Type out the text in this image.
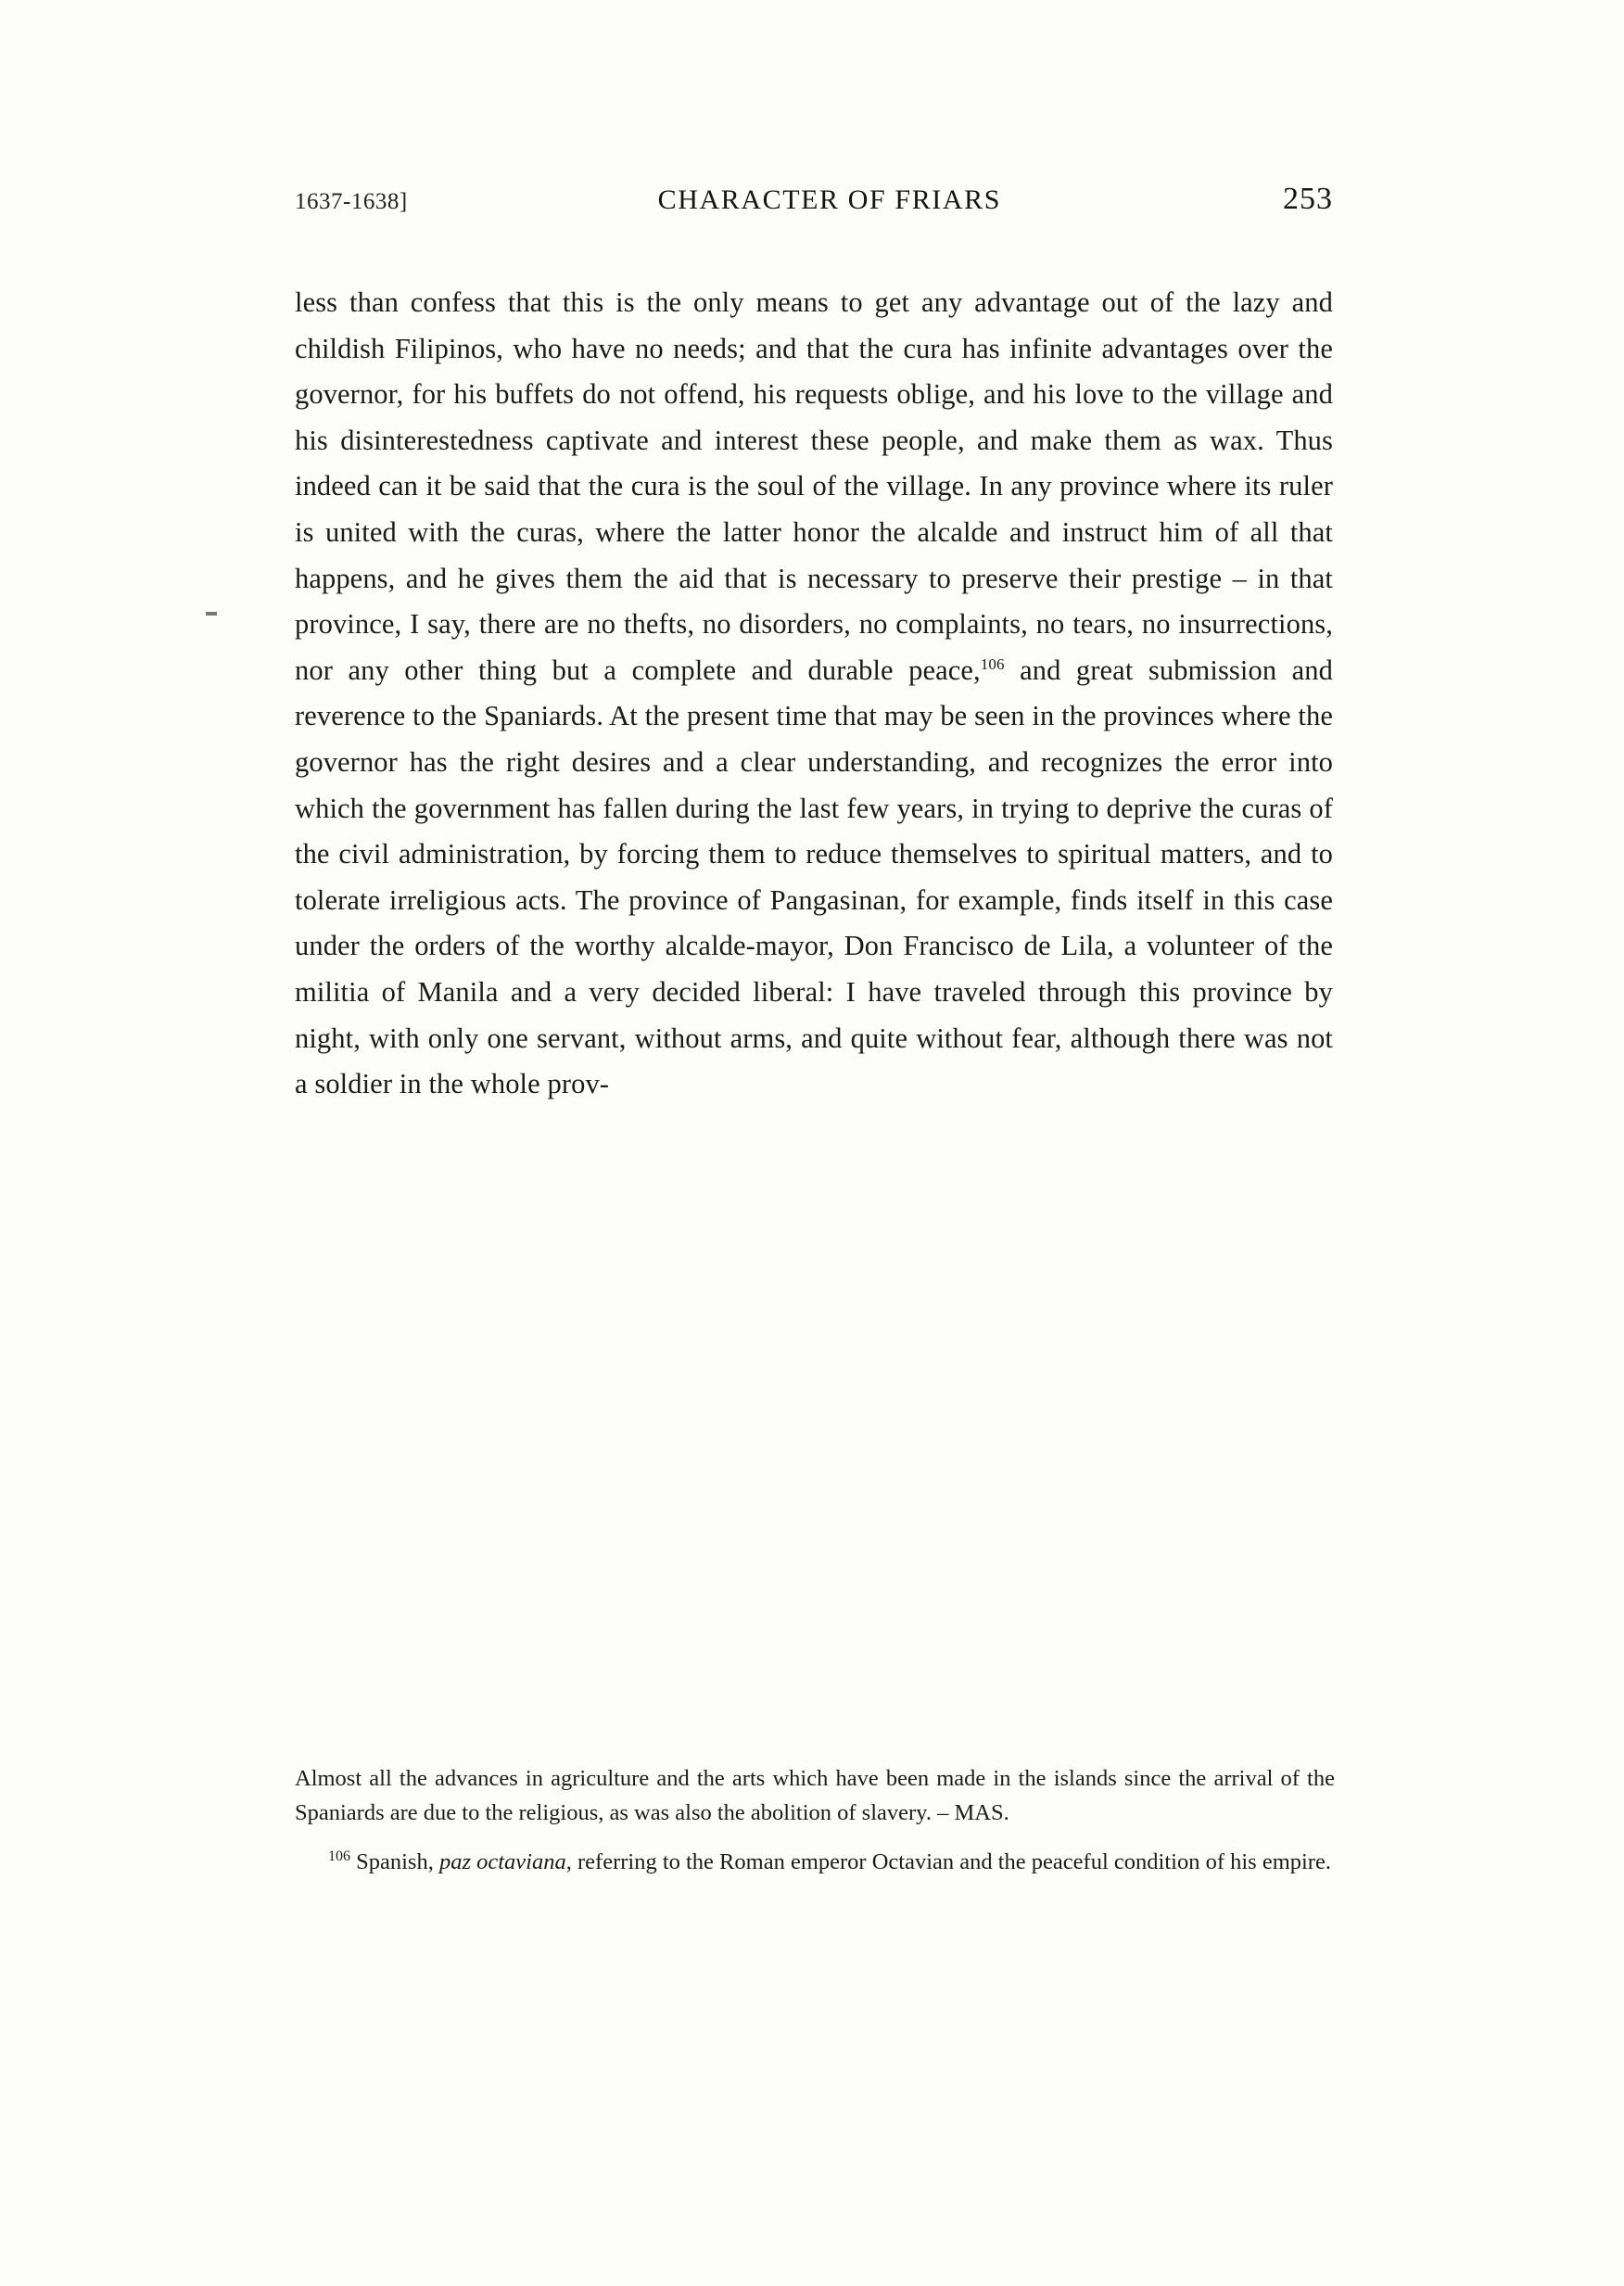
1637-1638]	CHARACTER OF FRIARS	253

less than confess that this is the only means to get any advantage out of the lazy and childish Filipinos, who have no needs; and that the cura has infinite advantages over the governor, for his buffets do not offend, his requests oblige, and his love to the village and his disinterestedness captivate and interest these people, and make them as wax. Thus indeed can it be said that the cura is the soul of the village. In any province where its ruler is united with the curas, where the latter honor the alcalde and instruct him of all that happens, and he gives them the aid that is necessary to preserve their prestige – in that province, I say, there are no thefts, no disorders, no complaints, no tears, no insurrections, nor any other thing but a complete and durable peace,$^{106}$ and great submission and reverence to the Spaniards. At the present time that may be seen in the provinces where the governor has the right desires and a clear understanding, and recognizes the error into which the government has fallen during the last few years, in trying to deprive the curas of the civil administration, by forcing them to reduce themselves to spiritual matters, and to tolerate irreligious acts. The province of Pangasinan, for example, finds itself in this case under the orders of the worthy alcalde-mayor, Don Francisco de Lila, a volunteer of the militia of Manila and a very decided liberal: I have traveled through this province by night, with only one servant, without arms, and quite without fear, although there was not a soldier in the whole prov-

Almost all the advances in agriculture and the arts which have been made in the islands since the arrival of the Spaniards are due to the religious, as was also the abolition of slavery. – MAS.
$^{106}$ Spanish, paz octaviana, referring to the Roman emperor Octavian and the peaceful condition of his empire.
